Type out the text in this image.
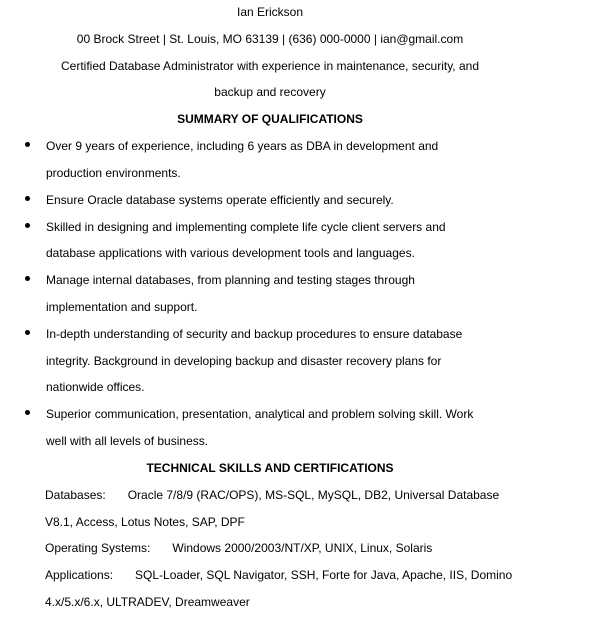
Ian Erickson
00 Brock Street | St. Louis, MO 63139 | (636) 000-0000 | ian@gmail.com
Certified Database Administrator with experience in maintenance, security, and
backup and recovery
SUMMARY OF QUALIFICATIONS
Over 9 years of experience, including 6 years as DBA in development and
production environments.
Ensure Oracle database systems operate efficiently and securely.
Skilled in designing and implementing complete life cycle client servers and
database applications with various development tools and languages.
Manage internal databases, from planning and testing stages through
implementation and support.
In-depth understanding of security and backup procedures to ensure database
integrity. Background in developing backup and disaster recovery plans for
nationwide offices.
Superior communication, presentation, analytical and problem solving skill. Work
well with all levels of business.
TECHNICAL SKILLS AND CERTIFICATIONS
Databases: Oracle 7/8/9 (RAC/OPS), MS-SQL, MySQL, DB2, Universal Database
V8.1, Access, Lotus Notes, SAP, DPF
Operating Systems: Windows 2000/2003/NT/XP, UNIX, Linux, Solaris
Applications: SQL-Loader, SQL Navigator, SSH, Forte for Java, Apache, IIS, Domino
4.x/5.x/6.x, ULTRADEV, Dreamweaver
